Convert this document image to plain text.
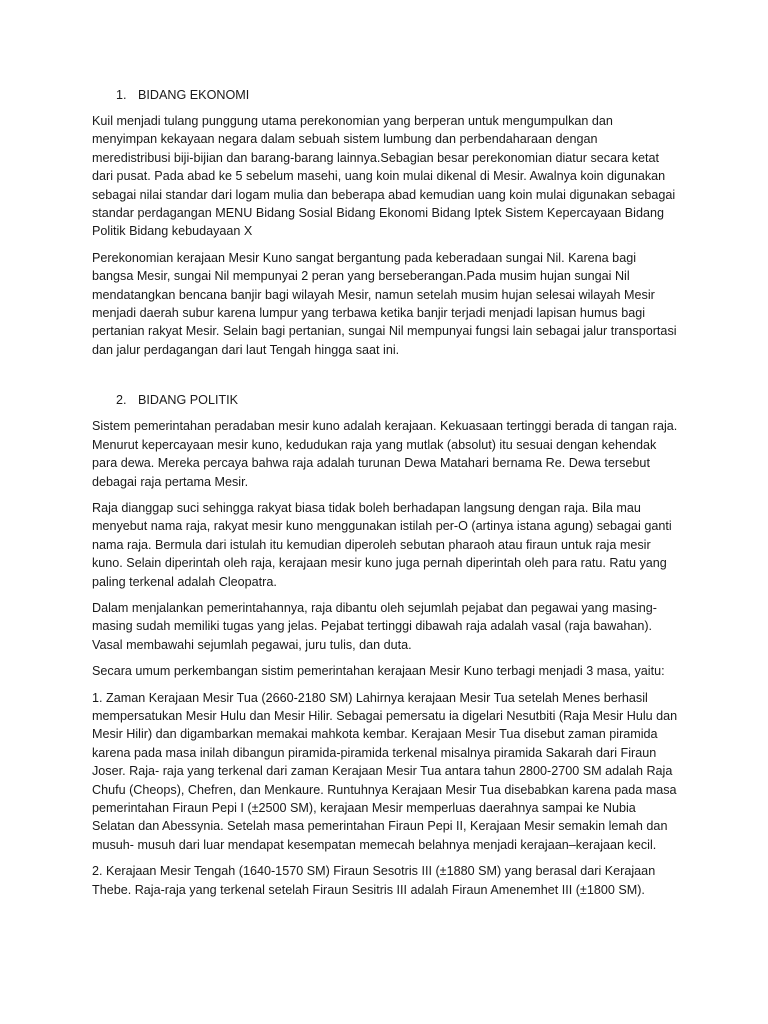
1. BIDANG EKONOMI

Kuil menjadi tulang punggung utama perekonomian yang berperan untuk mengumpulkan dan menyimpan kekayaan negara dalam sebuah sistem lumbung dan perbendaharaan dengan meredistribusi biji-bijian dan barang-barang lainnya.Sebagian besar perekonomian diatur secara ketat dari pusat. Pada abad ke 5 sebelum masehi, uang koin mulai dikenal di Mesir. Awalnya koin digunakan sebagai nilai standar dari logam mulia dan beberapa abad kemudian uang koin mulai digunakan sebagai standar perdagangan MENU Bidang Sosial Bidang Ekonomi Bidang Iptek Sistem Kepercayaan Bidang Politik Bidang kebudayaan X

Perekonomian kerajaan Mesir Kuno sangat bergantung pada keberadaan sungai Nil. Karena bagi bangsa Mesir, sungai Nil mempunyai 2 peran yang berseberangan.Pada musim hujan sungai Nil mendatangkan bencana banjir bagi wilayah Mesir, namun setelah musim hujan selesai wilayah Mesir menjadi daerah subur karena lumpur yang terbawa ketika banjir terjadi menjadi lapisan humus bagi pertanian rakyat Mesir. Selain bagi pertanian, sungai Nil mempunyai fungsi lain sebagai jalur transportasi dan jalur perdagangan dari laut Tengah hingga saat ini.

2. BIDANG POLITIK

Sistem pemerintahan peradaban mesir kuno adalah kerajaan. Kekuasaan tertinggi berada di tangan raja. Menurut kepercayaan mesir kuno, kedudukan raja yang mutlak (absolut) itu sesuai dengan kehendak para dewa. Mereka percaya bahwa raja adalah turunan Dewa Matahari bernama Re. Dewa tersebut debagai raja pertama Mesir.

Raja dianggap suci sehingga rakyat biasa tidak boleh berhadapan langsung dengan raja. Bila mau menyebut nama raja, rakyat mesir kuno menggunakan istilah per-O (artinya istana agung) sebagai ganti nama raja. Bermula dari istulah itu kemudian diperoleh sebutan pharaoh atau firaun untuk raja mesir kuno. Selain diperintah oleh raja, kerajaan mesir kuno juga pernah diperintah oleh para ratu. Ratu yang paling terkenal adalah Cleopatra.

Dalam menjalankan pemerintahannya, raja dibantu oleh sejumlah pejabat dan pegawai yang masing-masing sudah memiliki tugas yang jelas. Pejabat tertinggi dibawah raja adalah vasal (raja bawahan). Vasal membawahi sejumlah pegawai, juru tulis, dan duta.

Secara umum perkembangan sistim pemerintahan kerajaan Mesir Kuno terbagi menjadi 3 masa, yaitu:

1. Zaman Kerajaan Mesir Tua (2660-2180 SM) Lahirnya kerajaan Mesir Tua setelah Menes berhasil mempersatukan Mesir Hulu dan Mesir Hilir. Sebagai pemersatu ia digelari Nesutbiti (Raja Mesir Hulu dan Mesir Hilir) dan digambarkan memakai mahkota kembar. Kerajaan Mesir Tua disebut zaman piramida karena pada masa inilah dibangun piramida-piramida terkenal misalnya piramida Sakarah dari Firaun Joser. Raja- raja yang terkenal dari zaman Kerajaan Mesir Tua antara tahun 2800-2700 SM adalah Raja Chufu (Cheops), Chefren, dan Menkaure. Runtuhnya Kerajaan Mesir Tua disebabkan karena pada masa pemerintahan Firaun Pepi I (±2500 SM), kerajaan Mesir memperluas daerahnya sampai ke Nubia Selatan dan Abessynia. Setelah masa pemerintahan Firaun Pepi II, Kerajaan Mesir semakin lemah dan musuh- musuh dari luar mendapat kesempatan memecah belahnya menjadi kerajaan–kerajaan kecil.

2. Kerajaan Mesir Tengah (1640-1570 SM) Firaun Sesotris III (±1880 SM) yang berasal dari Kerajaan Thebe. Raja-raja yang terkenal setelah Firaun Sesitris III adalah Firaun Amenemhet III (±1800 SM).
